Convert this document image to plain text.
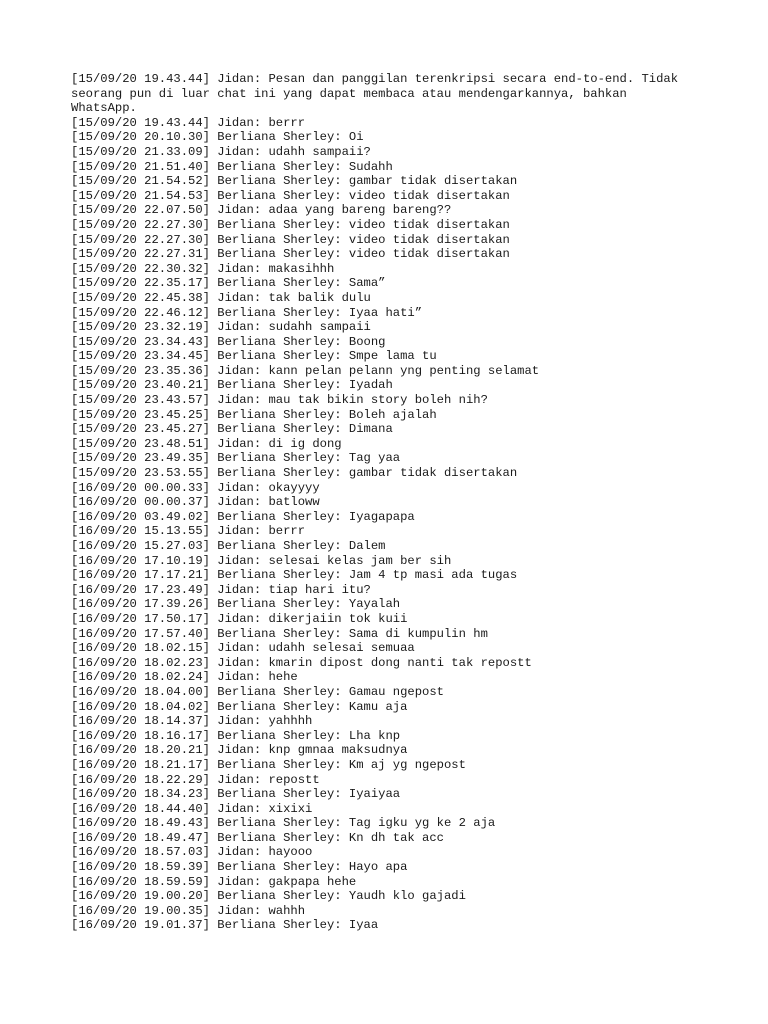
[15/09/20 19.43.44] Jidan: Pesan dan panggilan terenkripsi secara end-to-end. Tidak
seorang pun di luar chat ini yang dapat membaca atau mendengarkannya, bahkan
WhatsApp.
[15/09/20 19.43.44] Jidan: berrr
[15/09/20 20.10.30] Berliana Sherley: Oi
[15/09/20 21.33.09] Jidan: udahh sampaii?
[15/09/20 21.51.40] Berliana Sherley: Sudahh
[15/09/20 21.54.52] Berliana Sherley: gambar tidak disertakan
[15/09/20 21.54.53] Berliana Sherley: video tidak disertakan
[15/09/20 22.07.50] Jidan: adaa yang bareng bareng??
[15/09/20 22.27.30] Berliana Sherley: video tidak disertakan
[15/09/20 22.27.30] Berliana Sherley: video tidak disertakan
[15/09/20 22.27.31] Berliana Sherley: video tidak disertakan
[15/09/20 22.30.32] Jidan: makasihhh
[15/09/20 22.35.17] Berliana Sherley: Sama”
[15/09/20 22.45.38] Jidan: tak balik dulu
[15/09/20 22.46.12] Berliana Sherley: Iyaa hati”
[15/09/20 23.32.19] Jidan: sudahh sampaii
[15/09/20 23.34.43] Berliana Sherley: Boong
[15/09/20 23.34.45] Berliana Sherley: Smpe lama tu
[15/09/20 23.35.36] Jidan: kann pelan pelann yng penting selamat
[15/09/20 23.40.21] Berliana Sherley: Iyadah
[15/09/20 23.43.57] Jidan: mau tak bikin story boleh nih?
[15/09/20 23.45.25] Berliana Sherley: Boleh ajalah
[15/09/20 23.45.27] Berliana Sherley: Dimana
[15/09/20 23.48.51] Jidan: di ig dong
[15/09/20 23.49.35] Berliana Sherley: Tag yaa
[15/09/20 23.53.55] Berliana Sherley: gambar tidak disertakan
[16/09/20 00.00.33] Jidan: okayyyy
[16/09/20 00.00.37] Jidan: batloww
[16/09/20 03.49.02] Berliana Sherley: Iyagapapa
[16/09/20 15.13.55] Jidan: berrr
[16/09/20 15.27.03] Berliana Sherley: Dalem
[16/09/20 17.10.19] Jidan: selesai kelas jam ber sih
[16/09/20 17.17.21] Berliana Sherley: Jam 4 tp masi ada tugas
[16/09/20 17.23.49] Jidan: tiap hari itu?
[16/09/20 17.39.26] Berliana Sherley: Yayalah
[16/09/20 17.50.17] Jidan: dikerjaiin tok kuii
[16/09/20 17.57.40] Berliana Sherley: Sama di kumpulin hm
[16/09/20 18.02.15] Jidan: udahh selesai semuaa
[16/09/20 18.02.23] Jidan: kmarin dipost dong nanti tak repostt
[16/09/20 18.02.24] Jidan: hehe
[16/09/20 18.04.00] Berliana Sherley: Gamau ngepost
[16/09/20 18.04.02] Berliana Sherley: Kamu aja
[16/09/20 18.14.37] Jidan: yahhhh
[16/09/20 18.16.17] Berliana Sherley: Lha knp
[16/09/20 18.20.21] Jidan: knp gmnaa maksudnya
[16/09/20 18.21.17] Berliana Sherley: Km aj yg ngepost
[16/09/20 18.22.29] Jidan: repostt
[16/09/20 18.34.23] Berliana Sherley: Iyaiyaa
[16/09/20 18.44.40] Jidan: xixixi
[16/09/20 18.49.43] Berliana Sherley: Tag igku yg ke 2 aja
[16/09/20 18.49.47] Berliana Sherley: Kn dh tak acc
[16/09/20 18.57.03] Jidan: hayooo
[16/09/20 18.59.39] Berliana Sherley: Hayo apa
[16/09/20 18.59.59] Jidan: gakpapa hehe
[16/09/20 19.00.20] Berliana Sherley: Yaudh klo gajadi
[16/09/20 19.00.35] Jidan: wahhh
[16/09/20 19.01.37] Berliana Sherley: Iyaa
